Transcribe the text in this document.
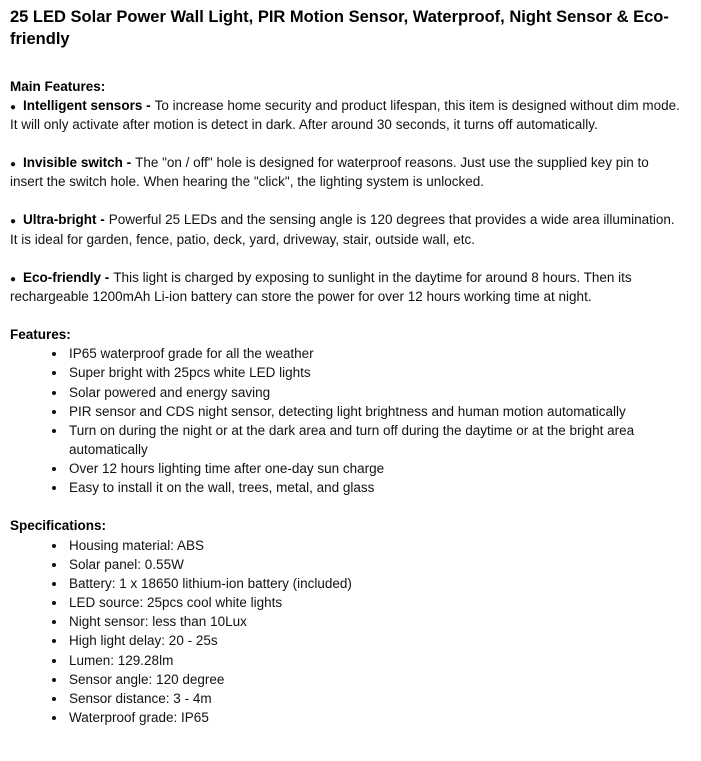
25 LED Solar Power Wall Light, PIR Motion Sensor, Waterproof, Night Sensor & Eco-friendly
Main Features:

● Intelligent sensors - To increase home security and product lifespan, this item is designed without dim mode. It will only activate after motion is detect in dark. After around 30 seconds, it turns off automatically.

● Invisible switch - The "on / off" hole is designed for waterproof reasons. Just use the supplied key pin to insert the switch hole. When hearing the "click", the lighting system is unlocked.

● Ultra-bright - Powerful 25 LEDs and the sensing angle is 120 degrees that provides a wide area illumination. It is ideal for garden, fence, patio, deck, yard, driveway, stair, outside wall, etc.

● Eco-friendly - This light is charged by exposing to sunlight in the daytime for around 8 hours. Then its rechargeable 1200mAh Li-ion battery can store the power for over 12 hours working time at night.

Features:
• IP65 waterproof grade for all the weather
• Super bright with 25pcs white LED lights
• Solar powered and energy saving
• PIR sensor and CDS night sensor, detecting light brightness and human motion automatically
• Turn on during the night or at the dark area and turn off during the daytime or at the bright area automatically
• Over 12 hours lighting time after one-day sun charge
• Easy to install it on the wall, trees, metal, and glass
Specifications:
• Housing material: ABS
• Solar panel: 0.55W
• Battery: 1 x 18650 lithium-ion battery (included)
• LED source: 25pcs cool white lights
• Night sensor: less than 10Lux
• High light delay: 20 - 25s
• Lumen: 129.28lm
• Sensor angle: 120 degree
• Sensor distance: 3 - 4m
• Waterproof grade: IP65
